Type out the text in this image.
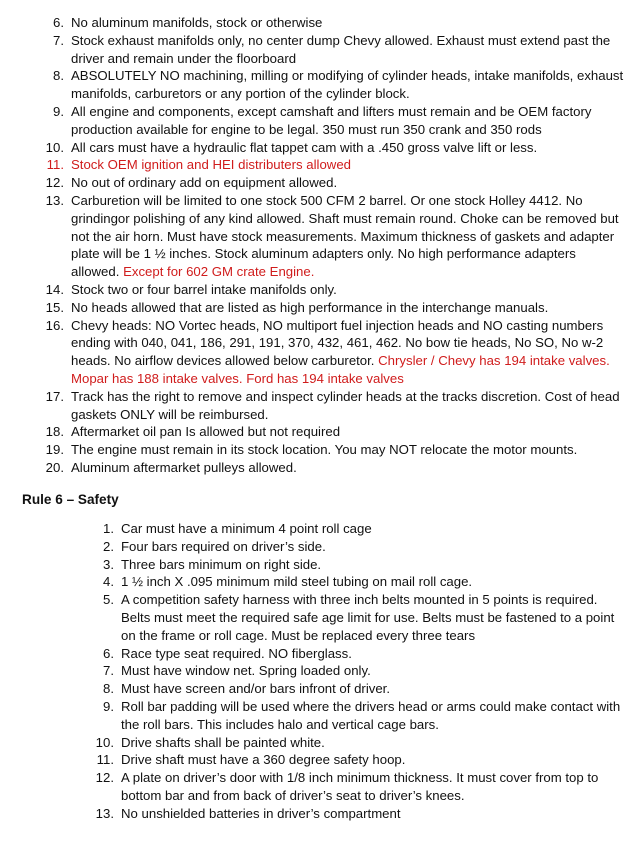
6. No aluminum manifolds, stock or otherwise
7. Stock exhaust manifolds only, no center dump Chevy allowed. Exhaust must extend past the driver and remain under the floorboard
8. ABSOLUTELY NO machining, milling or modifying of cylinder heads, intake manifolds, exhaust manifolds, carburetors or any portion of the cylinder block.
9. All engine and components, except camshaft and lifters must remain and be OEM factory production available for engine to be legal. 350 must run 350 crank and 350 rods
10. All cars must have a hydraulic flat tappet cam with a .450 gross valve lift or less.
11. Stock OEM ignition and HEI distributers allowed
12. No out of ordinary add on equipment allowed.
13. Carburetion will be limited to one stock 500 CFM 2 barrel. Or one stock Holley 4412. No grindingor polishing of any kind allowed. Shaft must remain round. Choke can be removed but not the air horn. Must have stock measurements. Maximum thickness of gaskets and adapter plate will be 1 ½ inches. Stock aluminum adapters only. No high performance adapters allowed. Except for 602 GM crate Engine.
14. Stock two or four barrel intake manifolds only.
15. No heads allowed that are listed as high performance in the interchange manuals.
16. Chevy heads: NO Vortec heads, NO multiport fuel injection heads and NO casting numbers ending with 040, 041, 186, 291, 191, 370, 432, 461, 462. No bow tie heads, No SO, No w-2 heads. No airflow devices allowed below carburetor. Chrysler / Chevy has 194 intake valves. Mopar has 188 intake valves. Ford has 194 intake valves
17. Track has the right to remove and inspect cylinder heads at the tracks discretion. Cost of head gaskets ONLY will be reimbursed.
18. Aftermarket oil pan Is allowed but not required
19. The engine must remain in its stock location. You may NOT relocate the motor mounts.
20. Aluminum aftermarket pulleys allowed.
Rule 6 – Safety
1. Car must have a minimum 4 point roll cage
2. Four bars required on driver’s side.
3. Three bars minimum on right side.
4. 1 ½ inch X .095 minimum mild steel tubing on mail roll cage.
5. A competition safety harness with three inch belts mounted in 5 points is required. Belts must meet the required safe age limit for use. Belts must be fastened to a point on the frame or roll cage. Must be replaced every three tears
6. Race type seat required. NO fiberglass.
7. Must have window net. Spring loaded only.
8. Must have screen and/or bars infront of driver.
9. Roll bar padding will be used where the drivers head or arms could make contact with the roll bars. This includes halo and vertical cage bars.
10. Drive shafts shall be painted white.
11. Drive shaft must have a 360 degree safety hoop.
12. A plate on driver’s door with 1/8 inch minimum thickness. It must cover from top to bottom bar and from back of driver’s seat to driver’s knees.
13. No unshielded batteries in driver’s compartment
